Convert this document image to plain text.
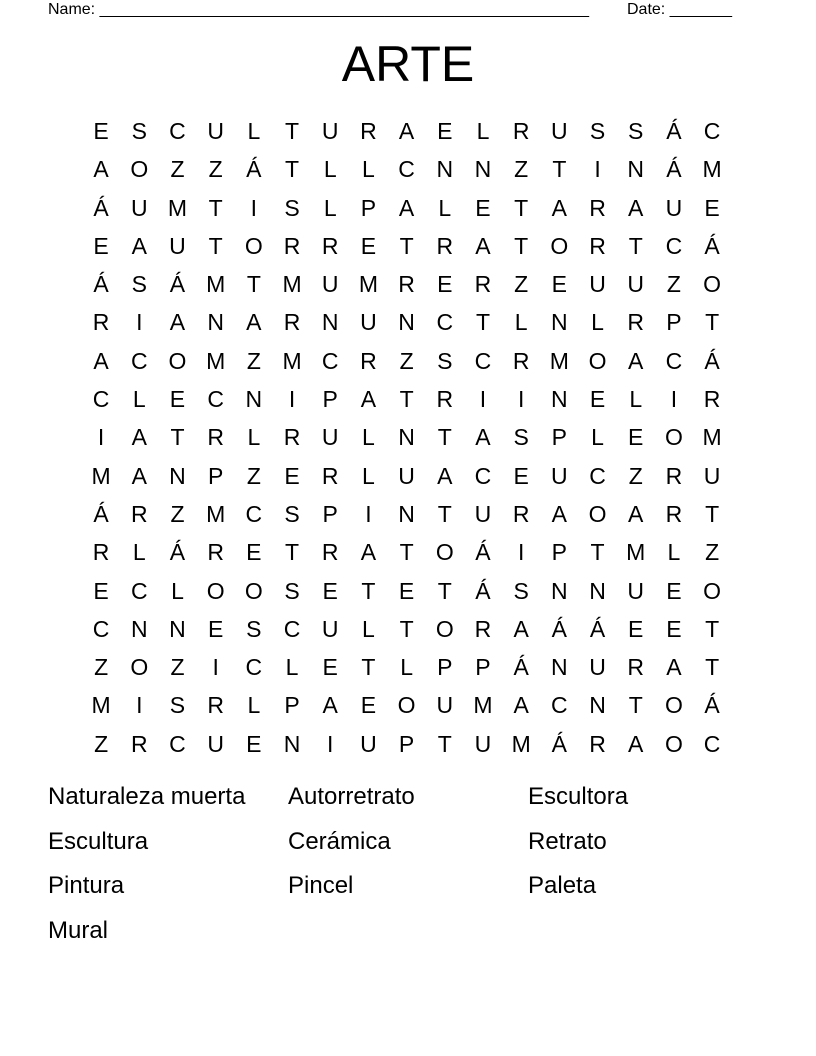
Name: _______________________________________________________ Date: _______
ARTE
E S C U	L	T U R A E	L	R U S S Á C
A O Z	Z	Á	T	L	L	C N N Z	T	I	N Á M
Á U M T	I	S	L	P A	L	E	T	A R A U E
E A U T O R R E	T R A	T O R T C Á
Á S Á M T M U M R E R Z	E U U Z O
R	I	A N A R N U N C T	L	N	L	R P	T
A C O M Z M C R Z	S C R M O A C Á
C	L	E C N	I	P A	T R	I	I	N E	L	I	R
I	A	T R	L	R U	L	N T	A S P	L	E O M
M A N P	Z	E R	L	U A C E U C Z R U
Á R Z M C S P	I	N T U R A O A R T
R	L	Á R E	T R A	T O Á	I	P	T M L	Z
E C	L O O S E	T	E	T	Á S N N U E O
C N N E S C U	L	T O R A Á Á E E	T
Z O Z	I	C	L	E	T	L	P P Á N U R A	T
M	I	S R	L	P A E O U M A C N T O Á
Z R C U E N	I	U P	T U M Á R A O C
Naturaleza muerta	Autorretrato	Escultora
Escultura	Cerámica	Retrato
Pintura	Pincel	Paleta
Mural
